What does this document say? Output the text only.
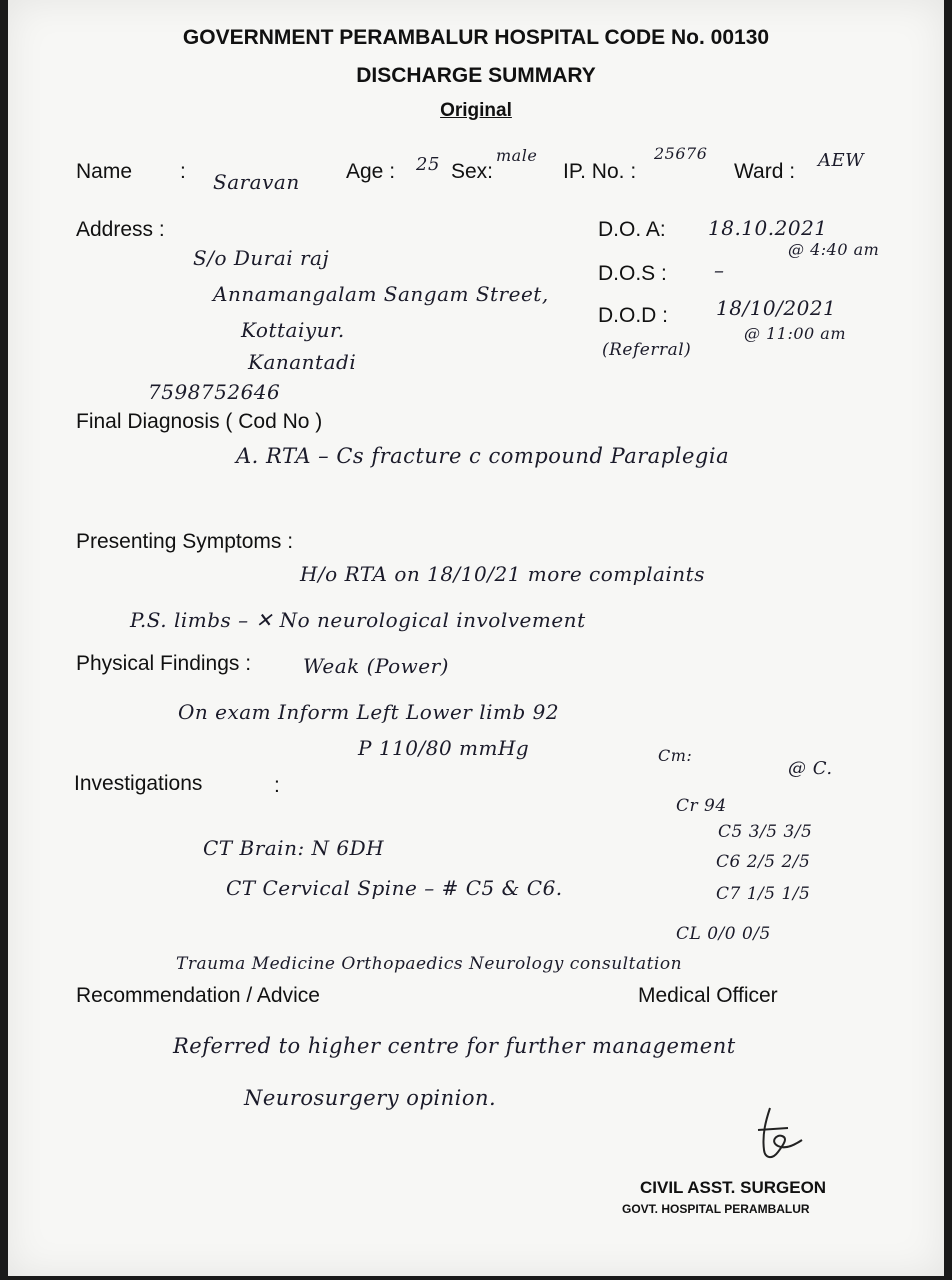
GOVERNMENT PERAMBALUR HOSPITAL CODE No. 00130
DISCHARGE SUMMARY
Original
Name : Saravan Age : 25 Sex:
male
IP. No. :
25676
Ward : AEW
Address :
S/o Durai raj
Annamangalam Sangam Street,
Kottaiyur.
Kanantadi
7598752646
D.O. A: 18.10.2021
@ 4:40 am
D.O.S : –
D.O.D : 18/10/2021
@ 11:00 am
(Referral)
Final Diagnosis ( Cod No )
A. RTA – Cs fracture c compound Paraplegia
Presenting Symptoms :
H/o RTA on 18/10/21 more complaints
P.S. limbs – ✕ No neurological involvement
Physical Findings :	Weak (Power)
On exam Inform Left Lower limb 92
P 110/80 mmHg
Investigations	:
CT Brain: N 6DH
CT Cervical Spine – # C5 & C6.
Cm:
@ C.
Cr 94
C5 3/5 3/5
C6 2/5 2/5
C7 1/5 1/5
CL 0/0 0/5
Trauma Medicine Orthopaedics Neurology consultation
Recommendation / Advice	Medical Officer
Referred to higher centre for further management
Neurosurgery opinion.
CIVIL ASST. SURGEON
GOVT. HOSPITAL PERAMBALUR
